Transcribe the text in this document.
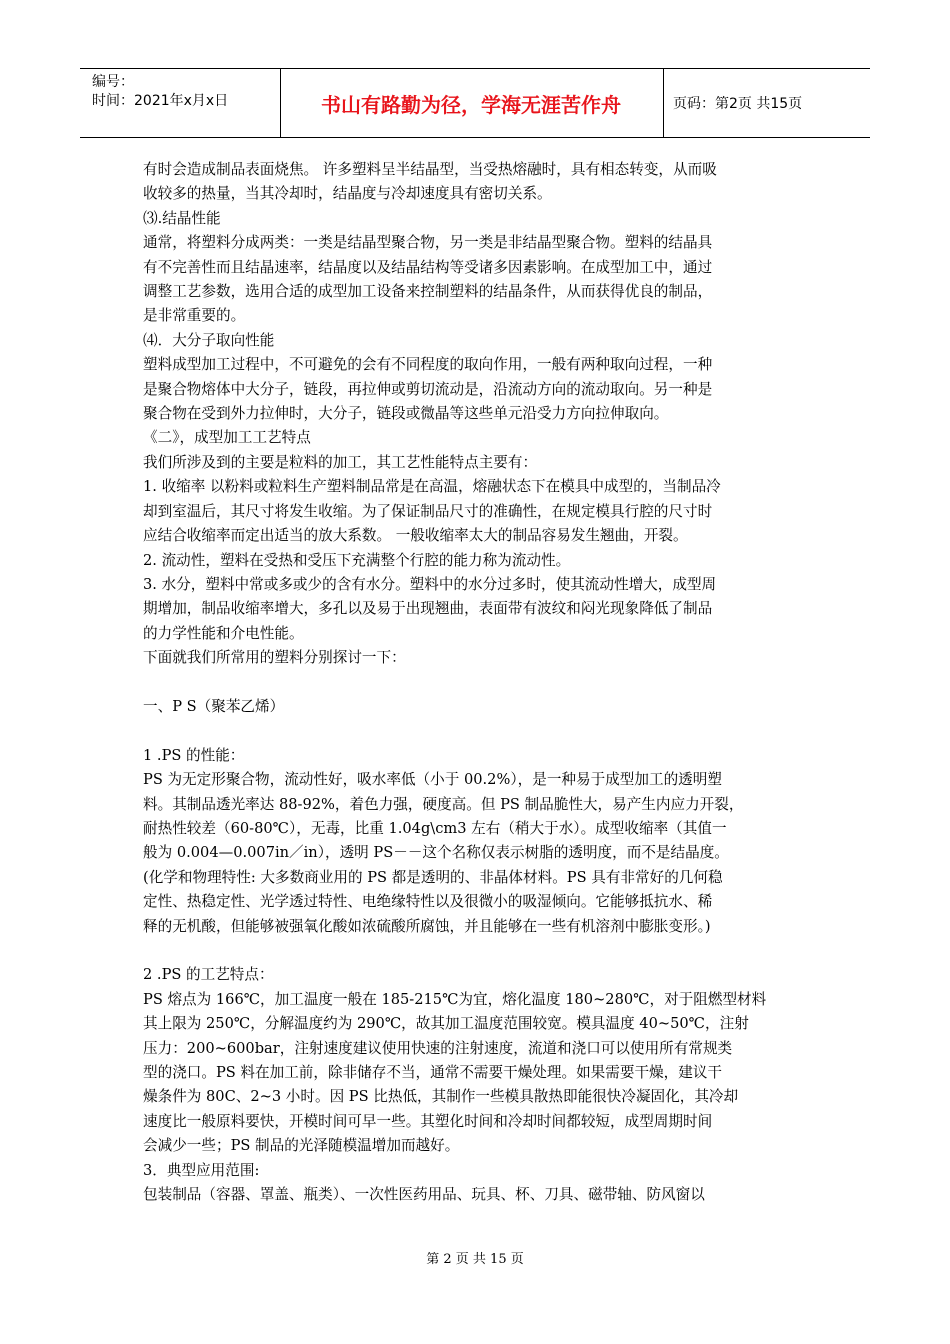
编号：
时间：2021年x月x日	书山有路勤为径，学海无涯苦作舟	页码：第2页 共15页

有时会造成制品表面烧焦。 许多塑料呈半结晶型，当受热熔融时，具有相态转变，从而吸

收较多的热量，当其冷却时，结晶度与冷却速度具有密切关系。

⑶.结晶性能

通常，将塑料分成两类：一类是结晶型聚合物，另一类是非结晶型聚合物。塑料的结晶具

有不完善性而且结晶速率，结晶度以及结晶结构等受诸多因素影响。在成型加工中，通过

调整工艺参数，选用合适的成型加工设备来控制塑料的结晶条件，从而获得优良的制品，

是非常重要的。

⑷．大分子取向性能

塑料成型加工过程中，不可避免的会有不同程度的取向作用，一般有两种取向过程，一种

是聚合物熔体中大分子，链段，再拉伸或剪切流动是，沿流动方向的流动取向。另一种是

聚合物在受到外力拉伸时，大分子，链段或微晶等这些单元沿受力方向拉伸取向。

《二》，成型加工工艺特点

我们所涉及到的主要是粒料的加工，其工艺性能特点主要有：

1. 收缩率 以粉料或粒料生产塑料制品常是在高温，熔融状态下在模具中成型的，当制品冷

却到室温后，其尺寸将发生收缩。为了保证制品尺寸的准确性，在规定模具行腔的尺寸时

应结合收缩率而定出适当的放大系数。 一般收缩率太大的制品容易发生翘曲，开裂。

2. 流动性，塑料在受热和受压下充满整个行腔的能力称为流动性。

3. 水分，塑料中常或多或少的含有水分。塑料中的水分过多时，使其流动性增大，成型周

期增加，制品收缩率增大，多孔以及易于出现翘曲，表面带有波纹和闷光现象降低了制品

的力学性能和介电性能。

下面就我们所常用的塑料分别探讨一下：

一、P S（聚苯乙烯）

1 .PS 的性能：

PS 为无定形聚合物，流动性好，吸水率低（小于 00.2%），是一种易于成型加工的透明塑

料。其制品透光率达 88-92%，着色力强，硬度高。但 PS 制品脆性大，易产生内应力开裂，

耐热性较差（60-80℃），无毒，比重 1.04g\cm3 左右（稍大于水）。成型收缩率（其值一

般为 0.004—0.007in／in），透明 PS－－这个名称仅表示树脂的透明度，而不是结晶度。

(化学和物理特性: 大多数商业用的 PS 都是透明的、非晶体材料。PS 具有非常好的几何稳

定性、热稳定性、光学透过特性、电绝缘特性以及很微小的吸湿倾向。它能够抵抗水、稀

释的无机酸，但能够被强氧化酸如浓硫酸所腐蚀，并且能够在一些有机溶剂中膨胀变形。)

2 .PS 的工艺特点：

PS 熔点为 166℃，加工温度一般在 185-215℃为宜，熔化温度 180~280℃，对于阻燃型材料

其上限为 250℃，分解温度约为 290℃，故其加工温度范围较宽。模具温度 40~50℃，注射

压力：200~600bar，注射速度建议使用快速的注射速度，流道和浇口可以使用所有常规类

型的浇口。PS 料在加工前，除非储存不当，通常不需要干燥处理。如果需要干燥，建议干

燥条件为 80C、2~3 小时。因 PS 比热低，其制作一些模具散热即能很快冷凝固化，其冷却

速度比一般原料要快，开模时间可早一些。其塑化时间和冷却时间都较短，成型周期时间

会减少一些；PS 制品的光泽随模温增加而越好。

3．典型应用范围:

包装制品（容器、罩盖、瓶类）、一次性医药用品、玩具、杯、刀具、磁带轴、防风窗以

第 2 页 共 15 页
